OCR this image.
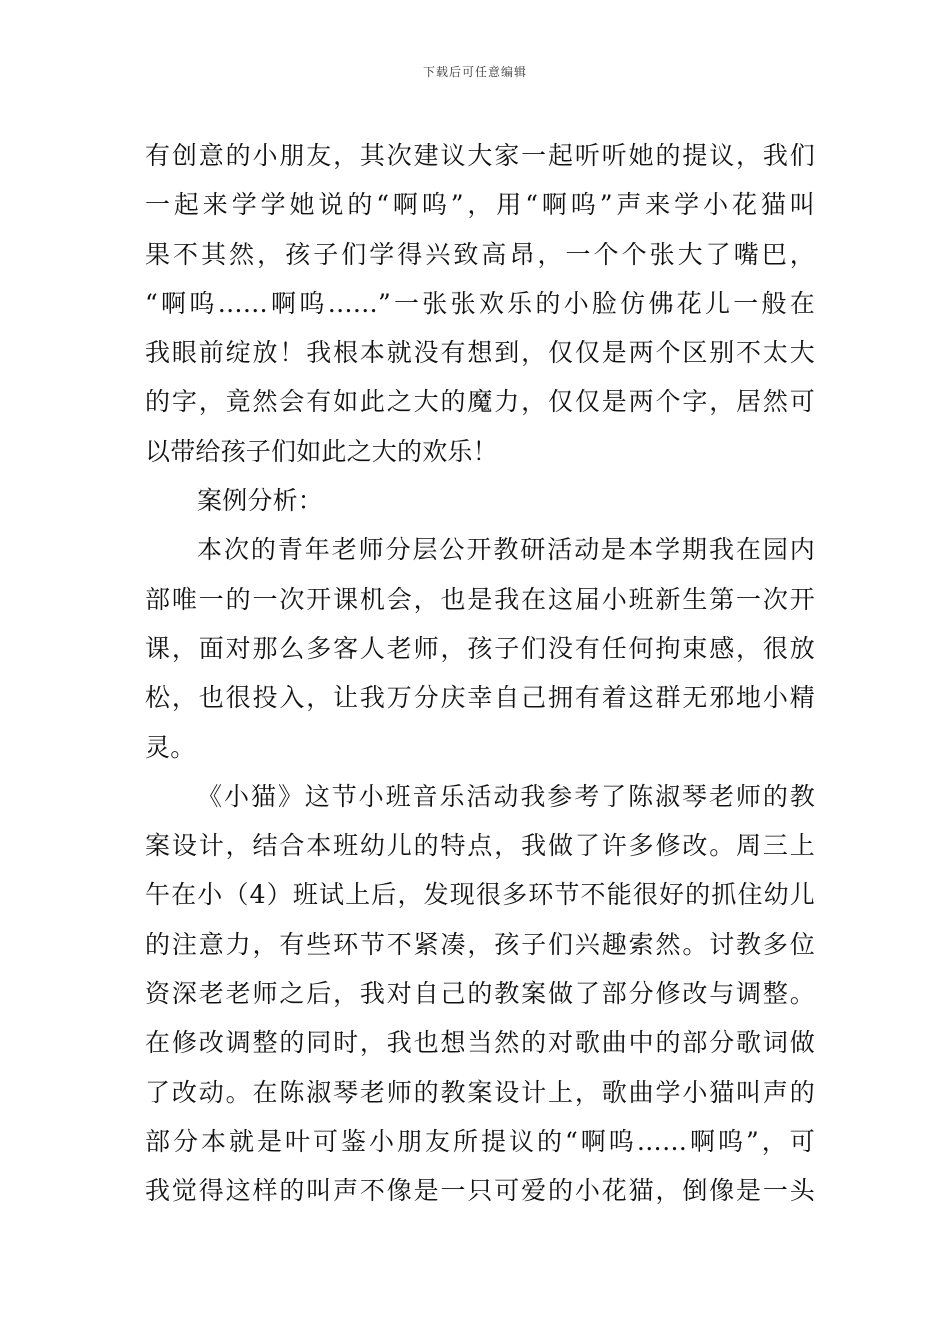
下载后可任意编辑
有创意的小朋友，其次建议大家一起听听她的提议，我们
一起来学学她说的“啊呜”，用“啊呜”声来学小花猫叫
果不其然，孩子们学得兴致高昂，一个个张大了嘴巴，
“啊呜……啊呜……”一张张欢乐的小脸仿佛花儿一般在
我眼前绽放！我根本就没有想到，仅仅是两个区别不太大
的字，竟然会有如此之大的魔力，仅仅是两个字，居然可
以带给孩子们如此之大的欢乐！
案例分析：
本次的青年老师分层公开教研活动是本学期我在园内
部唯一的一次开课机会，也是我在这届小班新生第一次开
课，面对那么多客人老师，孩子们没有任何拘束感，很放
松，也很投入，让我万分庆幸自己拥有着这群无邪地小精
灵。
《小猫》这节小班音乐活动我参考了陈淑琴老师的教
案设计，结合本班幼儿的特点，我做了许多修改。周三上
午在小（4）班试上后，发现很多环节不能很好的抓住幼儿
的注意力，有些环节不紧凑，孩子们兴趣索然。讨教多位
资深老老师之后，我对自己的教案做了部分修改与调整。
在修改调整的同时，我也想当然的对歌曲中的部分歌词做
了改动。在陈淑琴老师的教案设计上，歌曲学小猫叫声的
部分本就是叶可鉴小朋友所提议的“啊呜……啊呜”，可
我觉得这样的叫声不像是一只可爱的小花猫，倒像是一头
